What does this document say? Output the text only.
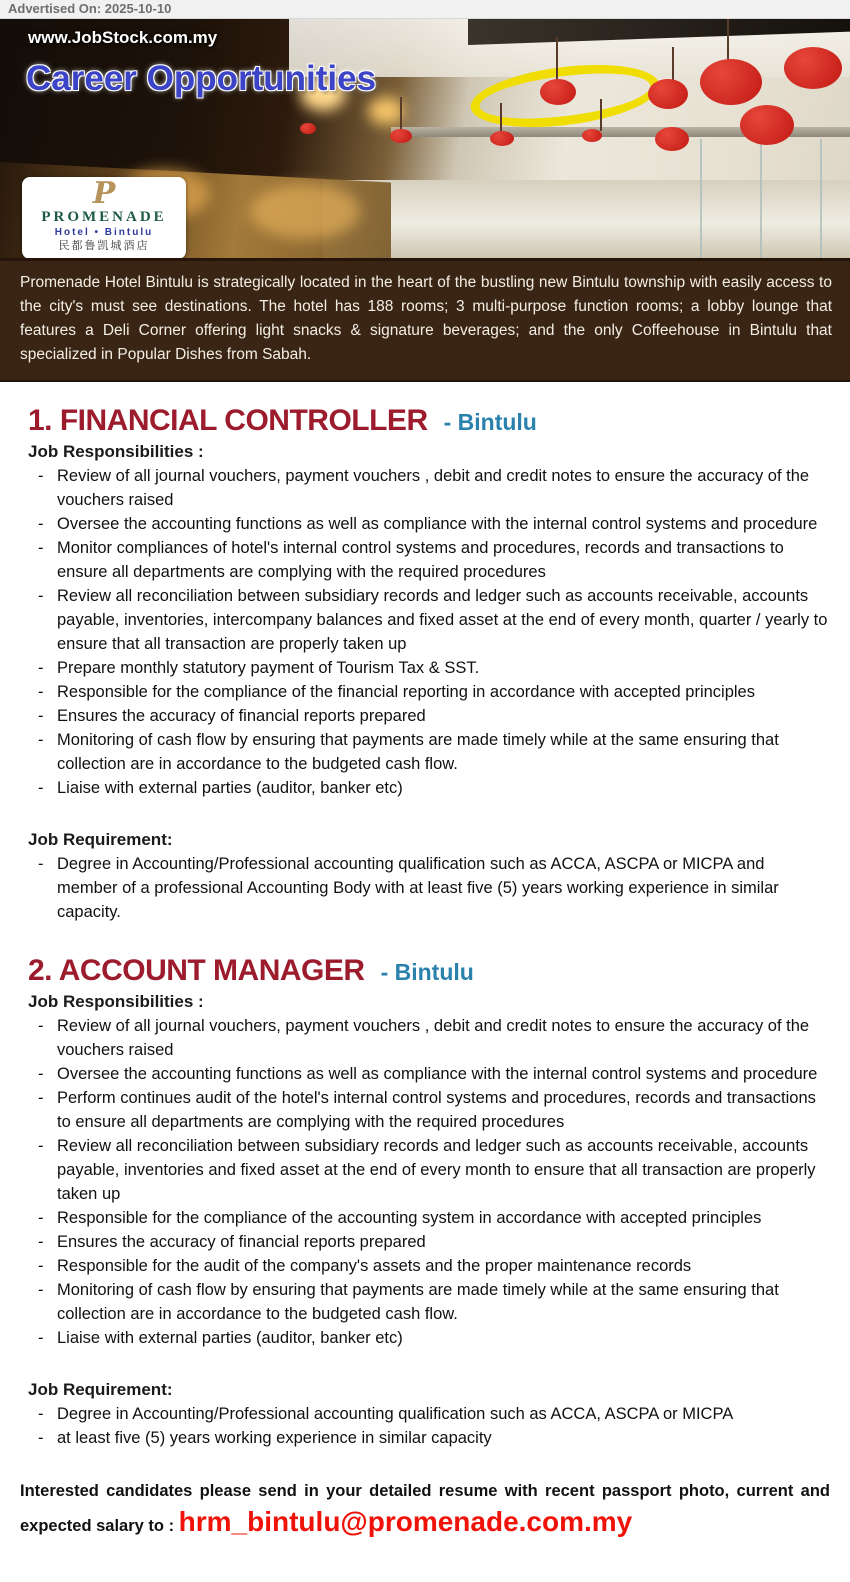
Advertised On: 2025-10-10
www.JobStock.com.my
Career Opportunities
P
PROMENADE
Hotel • Bintulu
民都鲁凯城酒店

Promenade Hotel Bintulu is strategically located in the heart of the bustling new Bintulu township with easily access to the city's must see destinations. The hotel has 188 rooms; 3 multi-purpose function rooms; a lobby lounge that features a Deli Corner offering light snacks & signature beverages; and the only Coffeehouse in Bintulu that specialized in Popular Dishes from Sabah.

1. FINANCIAL CONTROLLER - Bintulu
Job Responsibilities :
- Review of all journal vouchers, payment vouchers , debit and credit notes to ensure the accuracy of the vouchers raised
- Oversee the accounting functions as well as compliance with the internal control systems and procedure
- Monitor compliances of hotel's internal control systems and procedures, records and transactions to ensure all departments are complying with the required procedures
- Review all reconciliation between subsidiary records and ledger such as accounts receivable, accounts payable, inventories, intercompany balances and fixed asset at the end of every month, quarter / yearly to ensure that all transaction are properly taken up
- Prepare monthly statutory payment of Tourism Tax & SST.
- Responsible for the compliance of the financial reporting in accordance with accepted principles
- Ensures the accuracy of financial reports prepared
- Monitoring of cash flow by ensuring that payments are made timely while at the same ensuring that collection are in accordance to the budgeted cash flow.
- Liaise with external parties (auditor, banker etc)
Job Requirement:
- Degree in Accounting/Professional accounting qualification such as ACCA, ASCPA or MICPA and member of a professional Accounting Body with at least five (5) years working experience in similar capacity.
2. ACCOUNT MANAGER - Bintulu
Job Responsibilities :
- Review of all journal vouchers, payment vouchers , debit and credit notes to ensure the accuracy of the vouchers raised
- Oversee the accounting functions as well as compliance with the internal control systems and procedure
- Perform continues audit of the hotel's internal control systems and procedures, records and transactions to ensure all departments are complying with the required procedures
- Review all reconciliation between subsidiary records and ledger such as accounts receivable, accounts payable, inventories and fixed asset at the end of every month to ensure that all transaction are properly taken up
- Responsible for the compliance of the accounting system in accordance with accepted principles
- Ensures the accuracy of financial reports prepared
- Responsible for the audit of the company's assets and the proper maintenance records
- Monitoring of cash flow by ensuring that payments are made timely while at the same ensuring that collection are in accordance to the budgeted cash flow.
- Liaise with external parties (auditor, banker etc)
Job Requirement:
- Degree in Accounting/Professional accounting qualification such as ACCA, ASCPA or MICPA
- at least five (5) years working experience in similar capacity

Interested candidates please send in your detailed resume with recent passport photo, current and expected salary to : hrm_bintulu@promenade.com.my
